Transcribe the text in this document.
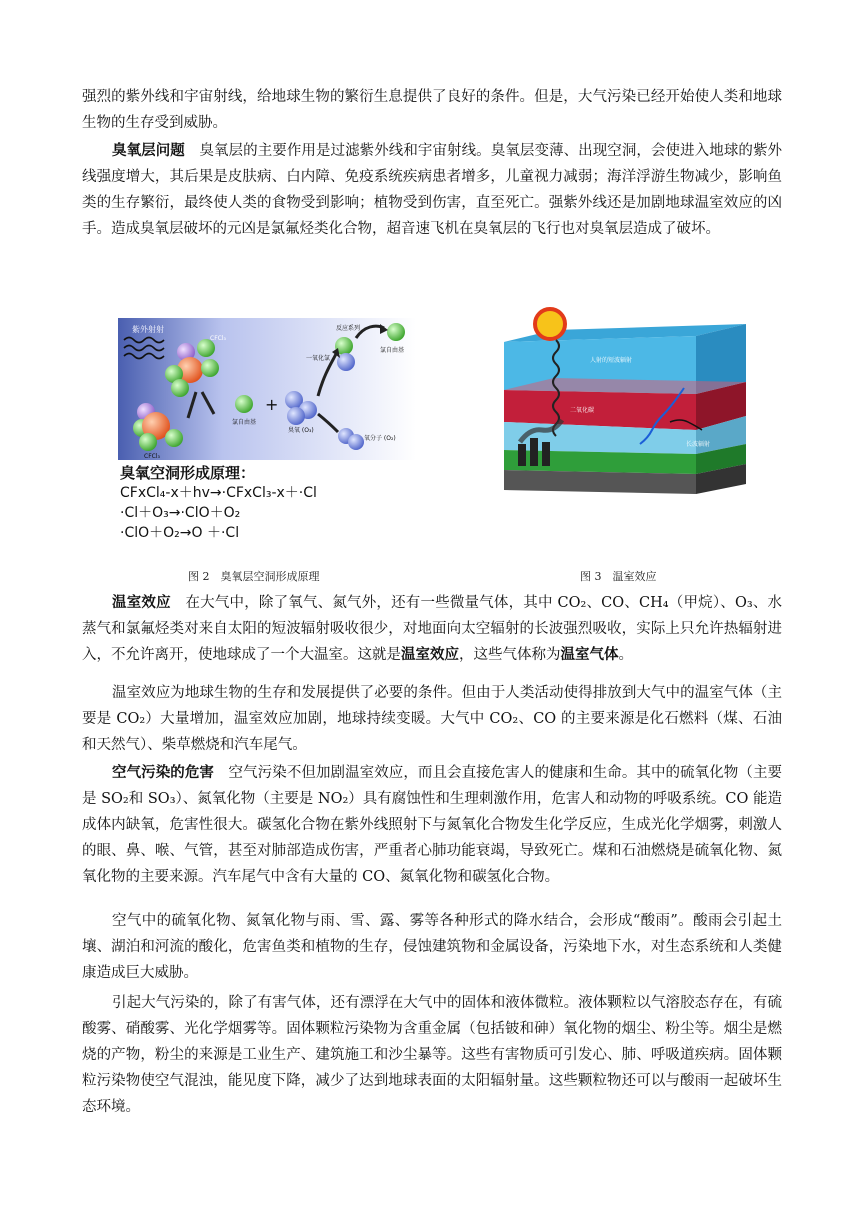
强烈的紫外线和宇宙射线，给地球生物的繁衍生息提供了良好的条件。但是，大气污染已经开始使人类和地球生物的生存受到威胁。

臭氧层问题　 臭氧层的主要作用是过滤紫外线和宇宙射线。臭氧层变薄、出现空洞，会使进入地球的紫外线强度增大，其后果是皮肤病、白内障、免疫系统疾病患者增多，儿童视力减弱；海洋浮游生物减少，影响鱼类的生存繁衍，最终使人类的食物受到影响；植物受到伤害，直至死亡。强紫外线还是加剧地球温室效应的凶手。造成臭氧层破坏的元凶是氯氟烃类化合物，超音速飞机在臭氧层的飞行也对臭氧层造成了破坏。

+
紫外射射
CFCl₃
CFCl₃
一氧化氯
反应系列
氯自由基
氯自由基
臭氧 (O₃)
氧分子 (O₂)
臭氧空洞形成原理：
CFxCl₄-x＋hv→·CFxCl₃-x＋·Cl
·Cl＋O₃→·ClO＋O₂
·ClO＋O₂→O ＋·Cl
人射的短波辐射
二氧化碳
长波辐射
图 2　臭氧层空洞形成原理	图 3　温室效应

温室效应　 在大气中，除了氧气、氮气外，还有一些微量气体，其中 CO₂、CO、CH₄（甲烷）、O₃、水蒸气和氯氟烃类对来自太阳的短波辐射吸收很少，对地面向太空辐射的长波强烈吸收，实际上只允许热辐射进入，不允许离开，使地球成了一个大温室。这就是温室效应，这些气体称为温室气体。

温室效应为地球生物的生存和发展提供了必要的条件。但由于人类活动使得排放到大气中的温室气体（主要是 CO₂）大量增加，温室效应加剧，地球持续变暖。大气中 CO₂、CO 的主要来源是化石燃料（煤、石油和天然气）、柴草燃烧和汽车尾气。

空气污染的危害　 空气污染不但加剧温室效应，而且会直接危害人的健康和生命。其中的硫氧化物（主要是 SO₂和 SO₃）、氮氧化物（主要是 NO₂）具有腐蚀性和生理刺激作用，危害人和动物的呼吸系统。CO 能造成体内缺氧，危害性很大。碳氢化合物在紫外线照射下与氮氧化合物发生化学反应，生成光化学烟雾，刺激人的眼、鼻、喉、气管，甚至对肺部造成伤害，严重者心肺功能衰竭，导致死亡。煤和石油燃烧是硫氧化物、氮氧化物的主要来源。汽车尾气中含有大量的 CO、氮氧化物和碳氢化合物。

空气中的硫氧化物、氮氧化物与雨、雪、露、雾等各种形式的降水结合，会形成“酸雨”。酸雨会引起土壤、湖泊和河流的酸化，危害鱼类和植物的生存，侵蚀建筑物和金属设备，污染地下水，对生态系统和人类健康造成巨大威胁。

引起大气污染的，除了有害气体，还有漂浮在大气中的固体和液体微粒。液体颗粒以气溶胶态存在，有硫酸雾、硝酸雾、光化学烟雾等。固体颗粒污染物为含重金属（包括铍和砷）氧化物的烟尘、粉尘等。烟尘是燃烧的产物，粉尘的来源是工业生产、建筑施工和沙尘暴等。这些有害物质可引发心、肺、呼吸道疾病。固体颗粒污染物使空气混浊，能见度下降，减少了达到地球表面的太阳辐射量。这些颗粒物还可以与酸雨一起破坏生态环境。
